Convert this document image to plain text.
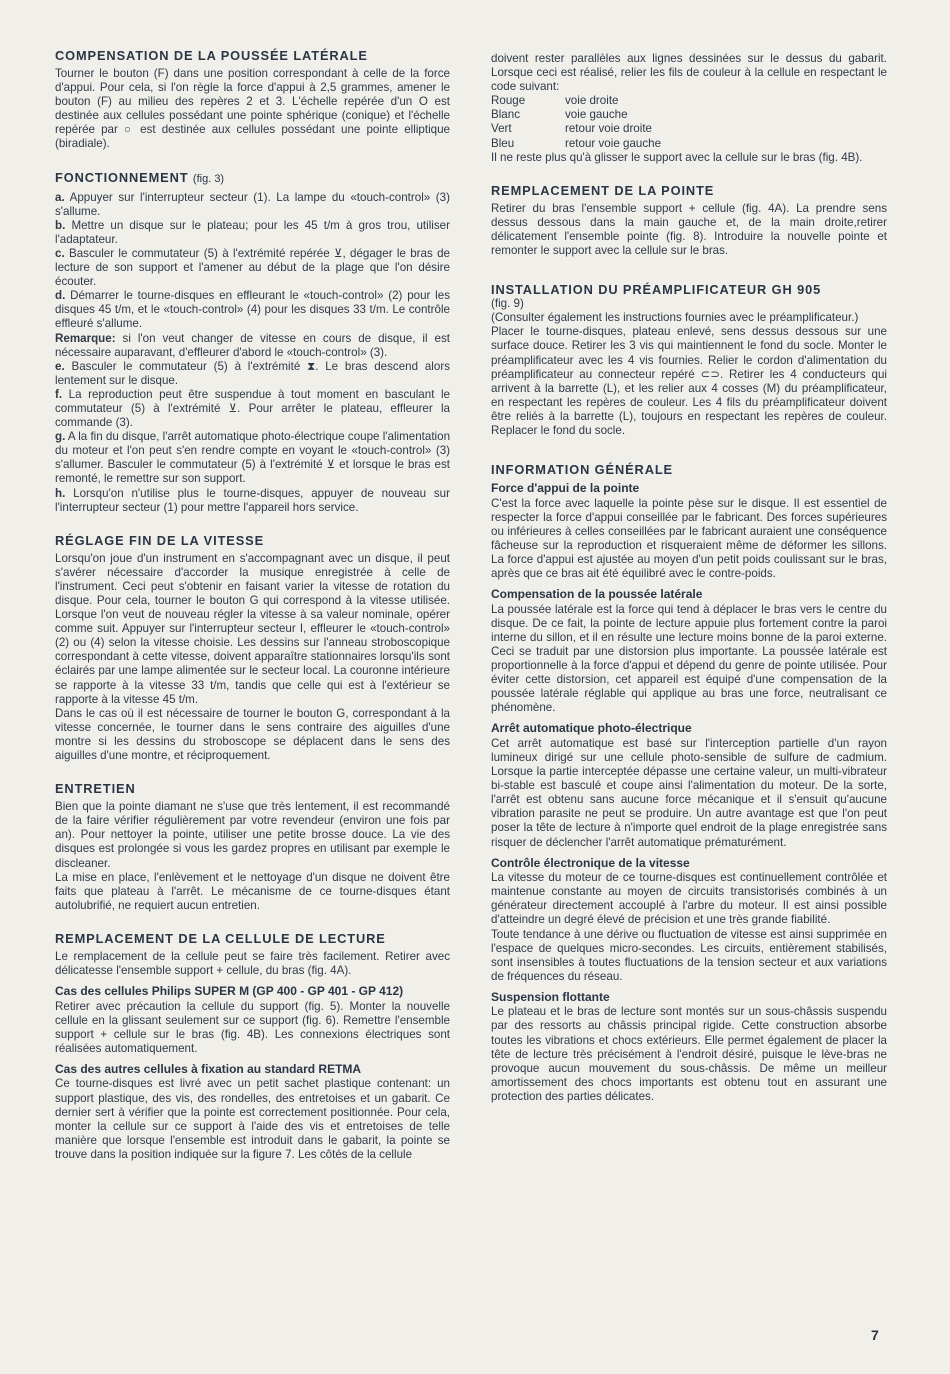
COMPENSATION DE LA POUSSÉE LATÉRALE

Tourner le bouton (F) dans une position correspondant à celle de la force d'appui. Pour cela, si l'on règle la force d'appui à 2,5 grammes, amener le bouton (F) au milieu des repères 2 et 3. L'échelle repérée d'un O est destinée aux cellules possédant une pointe sphérique (conique) et l'échelle repérée par ○ est destinée aux cellules possédant une pointe elliptique (biradiale).

FONCTIONNEMENT (fig. 3)

a. Appuyer sur l'interrupteur secteur (1). La lampe du «touch-control» (3) s'allume.

b. Mettre un disque sur le plateau; pour les 45 t/m à gros trou, utiliser l'adaptateur.

c. Basculer le commutateur (5) à l'extrémité repérée ⊻, dégager le bras de lecture de son support et l'amener au début de la plage que l'on désire écouter.

d. Démarrer le tourne-disques en effleurant le «touch-control» (2) pour les disques 45 t/m, et le «touch-control» (4) pour les disques 33 t/m. Le contrôle effleuré s'allume.

Remarque: si l'on veut changer de vitesse en cours de disque, il est nécessaire auparavant, d'effleurer d'abord le «touch-control» (3).

e. Basculer le commutateur (5) à l'extrémité ⧗. Le bras descend alors lentement sur le disque.

f. La reproduction peut être suspendue à tout moment en basculant le commutateur (5) à l'extrémité ⊻. Pour arrêter le plateau, effleurer la commande (3).

g. A la fin du disque, l'arrêt automatique photo-électrique coupe l'alimentation du moteur et l'on peut s'en rendre compte en voyant le «touch-control» (3) s'allumer. Basculer le commutateur (5) à l'extrémité ⊻ et lorsque le bras est remonté, le remettre sur son support.

h. Lorsqu'on n'utilise plus le tourne-disques, appuyer de nouveau sur l'interrupteur secteur (1) pour mettre l'appareil hors service.

RÉGLAGE FIN DE LA VITESSE

Lorsqu'on joue d'un instrument en s'accompagnant avec un disque, il peut s'avérer nécessaire d'accorder la musique enregistrée à celle de l'instrument. Ceci peut s'obtenir en faisant varier la vitesse de rotation du disque. Pour cela, tourner le bouton G qui correspond à la vitesse utilisée. Lorsque l'on veut de nouveau régler la vitesse à sa valeur nominale, opérer comme suit. Appuyer sur l'interrupteur secteur I, effleurer le «touch-control» (2) ou (4) selon la vitesse choisie. Les dessins sur l'anneau stroboscopique correspondant à cette vitesse, doivent apparaître stationnaires lorsqu'ils sont éclairés par une lampe alimentée sur le secteur local. La couronne intérieure se rapporte à la vitesse 33 t/m, tandis que celle qui est à l'extérieur se rapporte à la vitesse 45 t/m.

Dans le cas où il est nécessaire de tourner le bouton G, correspondant à la vitesse concernée, le tourner dans le sens contraire des aiguilles d'une montre si les dessins du stroboscope se déplacent dans le sens des aiguilles d'une montre, et réciproquement.

ENTRETIEN

Bien que la pointe diamant ne s'use que très lentement, il est recommandé de la faire vérifier régulièrement par votre revendeur (environ une fois par an). Pour nettoyer la pointe, utiliser une petite brosse douce. La vie des disques est prolongée si vous les gardez propres en utilisant par exemple le discleaner.

La mise en place, l'enlèvement et le nettoyage d'un disque ne doivent être faits que plateau à l'arrêt. Le mécanisme de ce tourne-disques étant autolubrifié, ne requiert aucun entretien.

REMPLACEMENT DE LA CELLULE DE LECTURE

Le remplacement de la cellule peut se faire très facilement. Retirer avec délicatesse l'ensemble support + cellule, du bras (fig. 4A).

Cas des cellules Philips SUPER M (GP 400 - GP 401 - GP 412)

Retirer avec précaution la cellule du support (fig. 5). Monter la nouvelle cellule en la glissant seulement sur ce support (fig. 6). Remettre l'ensemble support + cellule sur le bras (fig. 4B). Les connexions électriques sont réalisées automatiquement.

Cas des autres cellules à fixation au standard RETMA

Ce tourne-disques est livré avec un petit sachet plastique contenant: un support plastique, des vis, des rondelles, des entretoises et un gabarit. Ce dernier sert à vérifier que la pointe est correctement positionnée. Pour cela, monter la cellule sur ce support à l'aide des vis et entretoises de telle manière que lorsque l'ensemble est introduit dans le gabarit, la pointe se trouve dans la position indiquée sur la figure 7. Les côtés de la cellule

doivent rester parallèles aux lignes dessinées sur le dessus du gabarit. Lorsque ceci est réalisé, relier les fils de couleur à la cellule en respectant le code suivant:

Rouge	voie droite
Blanc	voie gauche
Vert	retour voie droite
Bleu	retour voie gauche

Il ne reste plus qu'à glisser le support avec la cellule sur le bras (fig. 4B).

REMPLACEMENT DE LA POINTE

Retirer du bras l'ensemble support + cellule (fig. 4A). La prendre sens dessus dessous dans la main gauche et, de la main droite,retirer délicatement l'ensemble pointe (fig. 8). Introduire la nouvelle pointe et remonter le support avec la cellule sur le bras.

INSTALLATION DU PRÉAMPLIFICATEUR GH 905

(fig. 9)

(Consulter également les instructions fournies avec le préamplificateur.)

Placer le tourne-disques, plateau enlevé, sens dessus dessous sur une surface douce. Retirer les 3 vis qui maintiennent le fond du socle. Monter le préamplificateur avec les 4 vis fournies. Relier le cordon d'alimentation du préamplificateur au connecteur repéré ⊂⊃. Retirer les 4 conducteurs qui arrivent à la barrette (L), et les relier aux 4 cosses (M) du préamplificateur, en respectant les repères de couleur. Les 4 fils du préamplificateur doivent être reliés à la barrette (L), toujours en respectant les repères de couleur. Replacer le fond du socle.

INFORMATION GÉNÉRALE
Force d'appui de la pointe

C'est la force avec laquelle la pointe pèse sur le disque. Il est essentiel de respecter la force d'appui conseillée par le fabricant. Des forces supérieures ou inférieures à celles conseillées par le fabricant auraient une conséquence fâcheuse sur la reproduction et risqueraient même de déformer les sillons. La force d'appui est ajustée au moyen d'un petit poids coulissant sur le bras, après que ce bras ait été équilibré avec le contre-poids.

Compensation de la poussée latérale

La poussée latérale est la force qui tend à déplacer le bras vers le centre du disque. De ce fait, la pointe de lecture appuie plus fortement contre la paroi interne du sillon, et il en résulte une lecture moins bonne de la paroi externe. Ceci se traduit par une distorsion plus importante. La poussée latérale est proportionnelle à la force d'appui et dépend du genre de pointe utilisée. Pour éviter cette distorsion, cet appareil est équipé d'une compensation de la poussée latérale réglable qui applique au bras une force, neutralisant ce phénomène.

Arrêt automatique photo-électrique

Cet arrêt automatique est basé sur l'interception partielle d'un rayon lumineux dirigé sur une cellule photo-sensible de sulfure de cadmium. Lorsque la partie interceptée dépasse une certaine valeur, un multi-vibrateur bi-stable est basculé et coupe ainsi l'alimentation du moteur. De la sorte, l'arrêt est obtenu sans aucune force mécanique et il s'ensuit qu'aucune vibration parasite ne peut se produire. Un autre avantage est que l'on peut poser la tête de lecture à n'importe quel endroit de la plage enregistrée sans risquer de déclencher l'arrêt automatique prématurément.

Contrôle électronique de la vitesse

La vitesse du moteur de ce tourne-disques est continuellement contrôlée et maintenue constante au moyen de circuits transistorisés combinés à un générateur directement accouplé à l'arbre du moteur. Il est ainsi possible d'atteindre un degré élevé de précision et une très grande fiabilité.

Toute tendance à une dérive ou fluctuation de vitesse est ainsi supprimée en l'espace de quelques micro-secondes. Les circuits, entièrement stabilisés, sont insensibles à toutes fluctuations de la tension secteur et aux variations de fréquences du réseau.

Suspension flottante

Le plateau et le bras de lecture sont montés sur un sous-châssis suspendu par des ressorts au châssis principal rigide. Cette construction absorbe toutes les vibrations et chocs extérieurs. Elle permet également de placer la tête de lecture très précisément à l'endroit désiré, puisque le lève-bras ne provoque aucun mouvement du sous-châssis. De même un meilleur amortissement des chocs importants est obtenu tout en assurant une protection des parties délicates.

7
